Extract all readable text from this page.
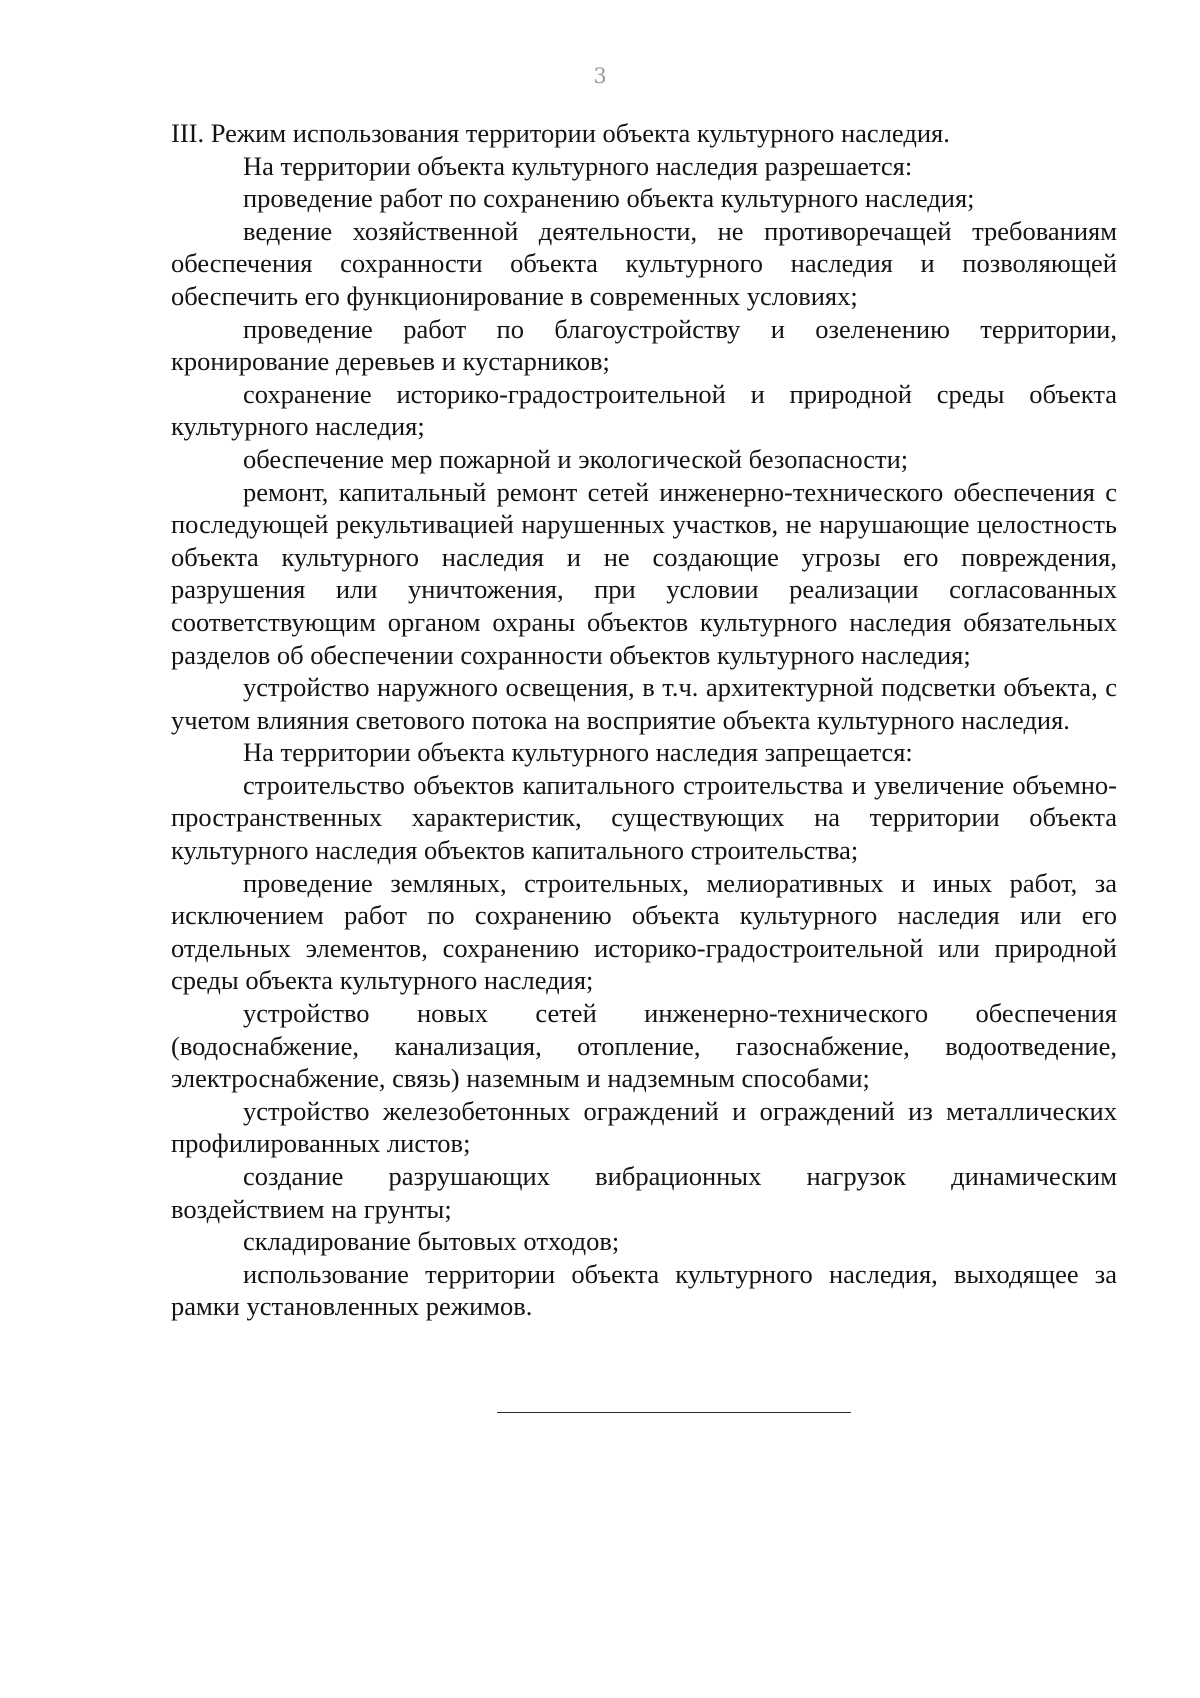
3

III. Режим использования территории объекта культурного наследия.

На территории объекта культурного наследия разрешается:

проведение работ по сохранению объекта культурного наследия;

ведение хозяйственной деятельности, не противоречащей требованиям обеспечения сохранности объекта культурного наследия и позволяющей обеспечить его функционирование в современных условиях;

проведение работ по благоустройству и озеленению территории, кронирование деревьев и кустарников;

сохранение историко-градостроительной и природной среды объекта культурного наследия;

обеспечение мер пожарной и экологической безопасности;

ремонт, капитальный ремонт сетей инженерно-технического обеспечения с последующей рекультивацией нарушенных участков, не нарушающие целостность объекта культурного наследия и не создающие угрозы его повреждения, разрушения или уничтожения, при условии реализации согласованных соответствующим органом охраны объектов культурного наследия обязательных разделов об обеспечении сохранности объектов культурного наследия;

устройство наружного освещения, в т.ч. архитектурной подсветки объекта, с учетом влияния светового потока на восприятие объекта культурного наследия.

На территории объекта культурного наследия запрещается:

строительство объектов капитального строительства и увеличение объемно-пространственных характеристик, существующих на территории объекта культурного наследия объектов капитального строительства;

проведение земляных, строительных, мелиоративных и иных работ, за исключением работ по сохранению объекта культурного наследия или его отдельных элементов, сохранению историко-градостроительной или природной среды объекта культурного наследия;

устройство новых сетей инженерно-технического обеспечения (водоснабжение, канализация, отопление, газоснабжение, водоотведение, электроснабжение, связь) наземным и надземным способами;

устройство железобетонных ограждений и ограждений из металлических профилированных листов;

создание разрушающих вибрационных нагрузок динамическим воздействием на грунты;

складирование бытовых отходов;

использование территории объекта культурного наследия, выходящее за рамки установленных режимов.
